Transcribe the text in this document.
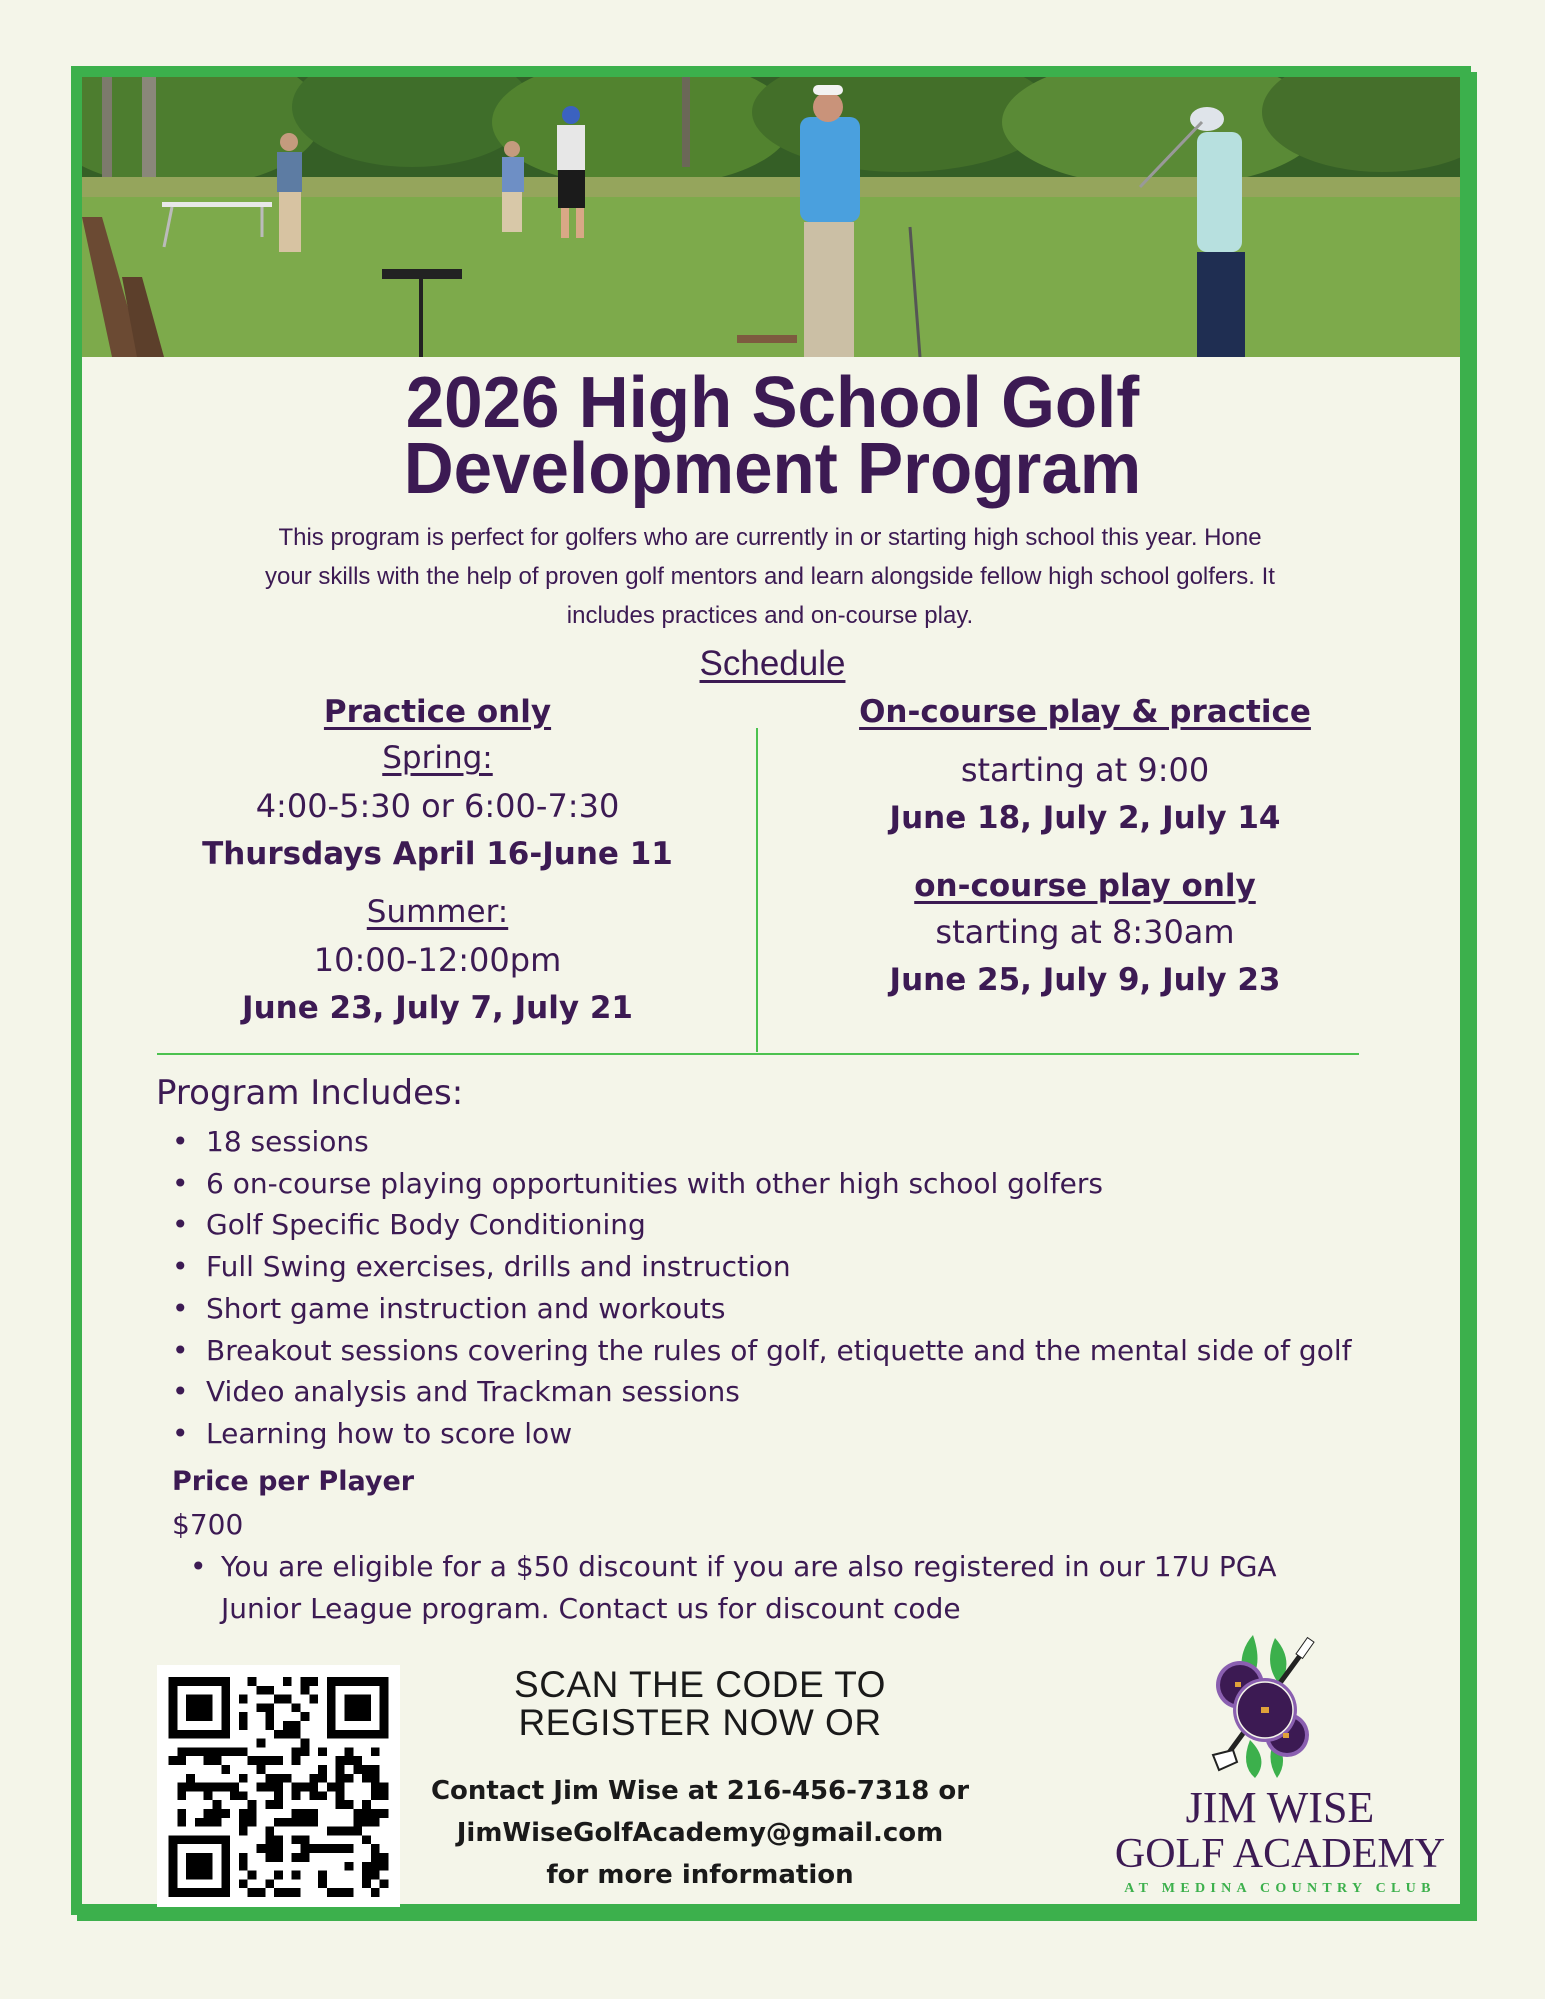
2026 High School Golf
Development Program
This program is perfect for golfers who are currently in or starting high school this year. Hone
your skills with the help of proven golf mentors and learn alongside fellow high school golfers. It
includes practices and on-course play.
Schedule
Practice only
Spring:
4:00-5:30 or 6:00-7:30
Thursdays April 16-June 11
Summer:
10:00-12:00pm
June 23, July 7, July 21
On-course play & practice
starting at 9:00
June 18, July 2, July 14
on-course play only
starting at 8:30am
June 25, July 9, July 23
Program Includes:
• 18 sessions
• 6 on-course playing opportunities with other high school golfers
• Golf Specific Body Conditioning
• Full Swing exercises, drills and instruction
• Short game instruction and workouts
• Breakout sessions covering the rules of golf, etiquette and the mental side of golf
• Video analysis and Trackman sessions
• Learning how to score low
Price per Player
$700
• You are eligible for a $50 discount if you are also registered in our 17U PGA
Junior League program. Contact us for discount code
SCAN THE CODE TO
REGISTER NOW OR
Contact Jim Wise at 216-456-7318 or
JimWiseGolfAcademy@gmail.com
for more information
JIM WISE
GOLF ACADEMY
AT MEDINA COUNTRY CLUB
